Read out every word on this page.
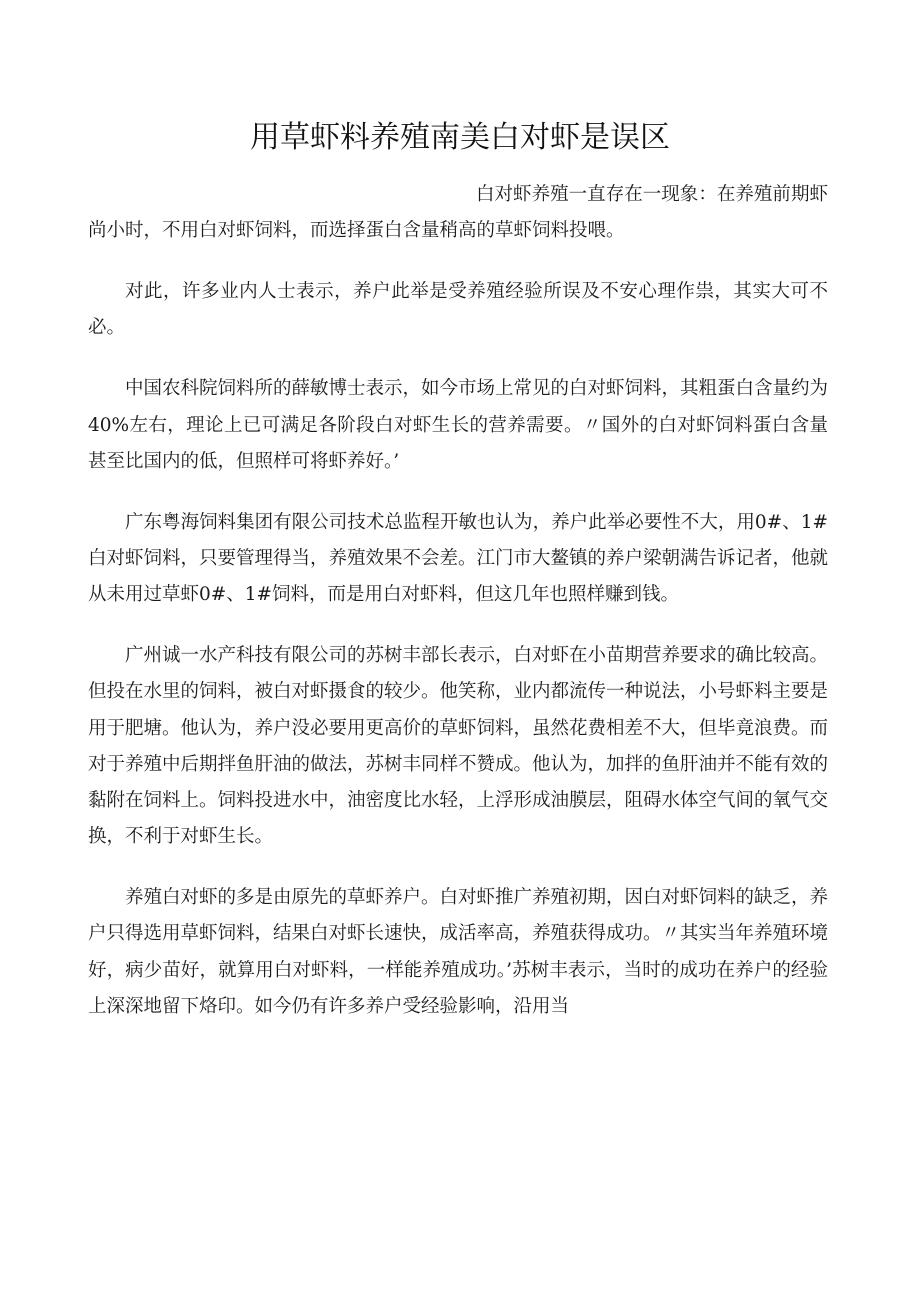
用草虾料养殖南美白对虾是误区

白对虾养殖一直存在一现象：在养殖前期虾尚小时，不用白对虾饲料，而选择蛋白含量稍高的草虾饲料投喂。

对此，许多业内人士表示，养户此举是受养殖经验所误及不安心理作祟，其实大可不必。

中国农科院饲料所的薛敏博士表示，如今市场上常见的白对虾饲料，其粗蛋白含量约为40%左右，理论上已可满足各阶段白对虾生长的营养需要。〃国外的白对虾饲料蛋白含量甚至比国内的低，但照样可将虾养好。’

广东粤海饲料集团有限公司技术总监程开敏也认为，养户此举必要性不大，用0#、1#白对虾饲料，只要管理得当，养殖效果不会差。江门市大鳌镇的养户梁朝满告诉记者，他就从未用过草虾0#、1#饲料，而是用白对虾料，但这几年也照样赚到钱。

广州诚一水产科技有限公司的苏树丰部长表示，白对虾在小苗期营养要求的确比较高。但投在水里的饲料，被白对虾摄食的较少。他笑称，业内都流传一种说法，小号虾料主要是用于肥塘。他认为，养户没必要用更高价的草虾饲料，虽然花费相差不大，但毕竟浪费。而对于养殖中后期拌鱼肝油的做法，苏树丰同样不赞成。他认为，加拌的鱼肝油并不能有效的黏附在饲料上。饲料投进水中，油密度比水轻，上浮形成油膜层，阻碍水体空气间的氧气交换，不利于对虾生长。

养殖白对虾的多是由原先的草虾养户。白对虾推广养殖初期，因白对虾饲料的缺乏，养户只得选用草虾饲料，结果白对虾长速快，成活率高，养殖获得成功。〃其实当年养殖环境好，病少苗好，就算用白对虾料，一样能养殖成功。’苏树丰表示，当时的成功在养户的经验上深深地留下烙印。如今仍有许多养户受经验影响，沿用当
